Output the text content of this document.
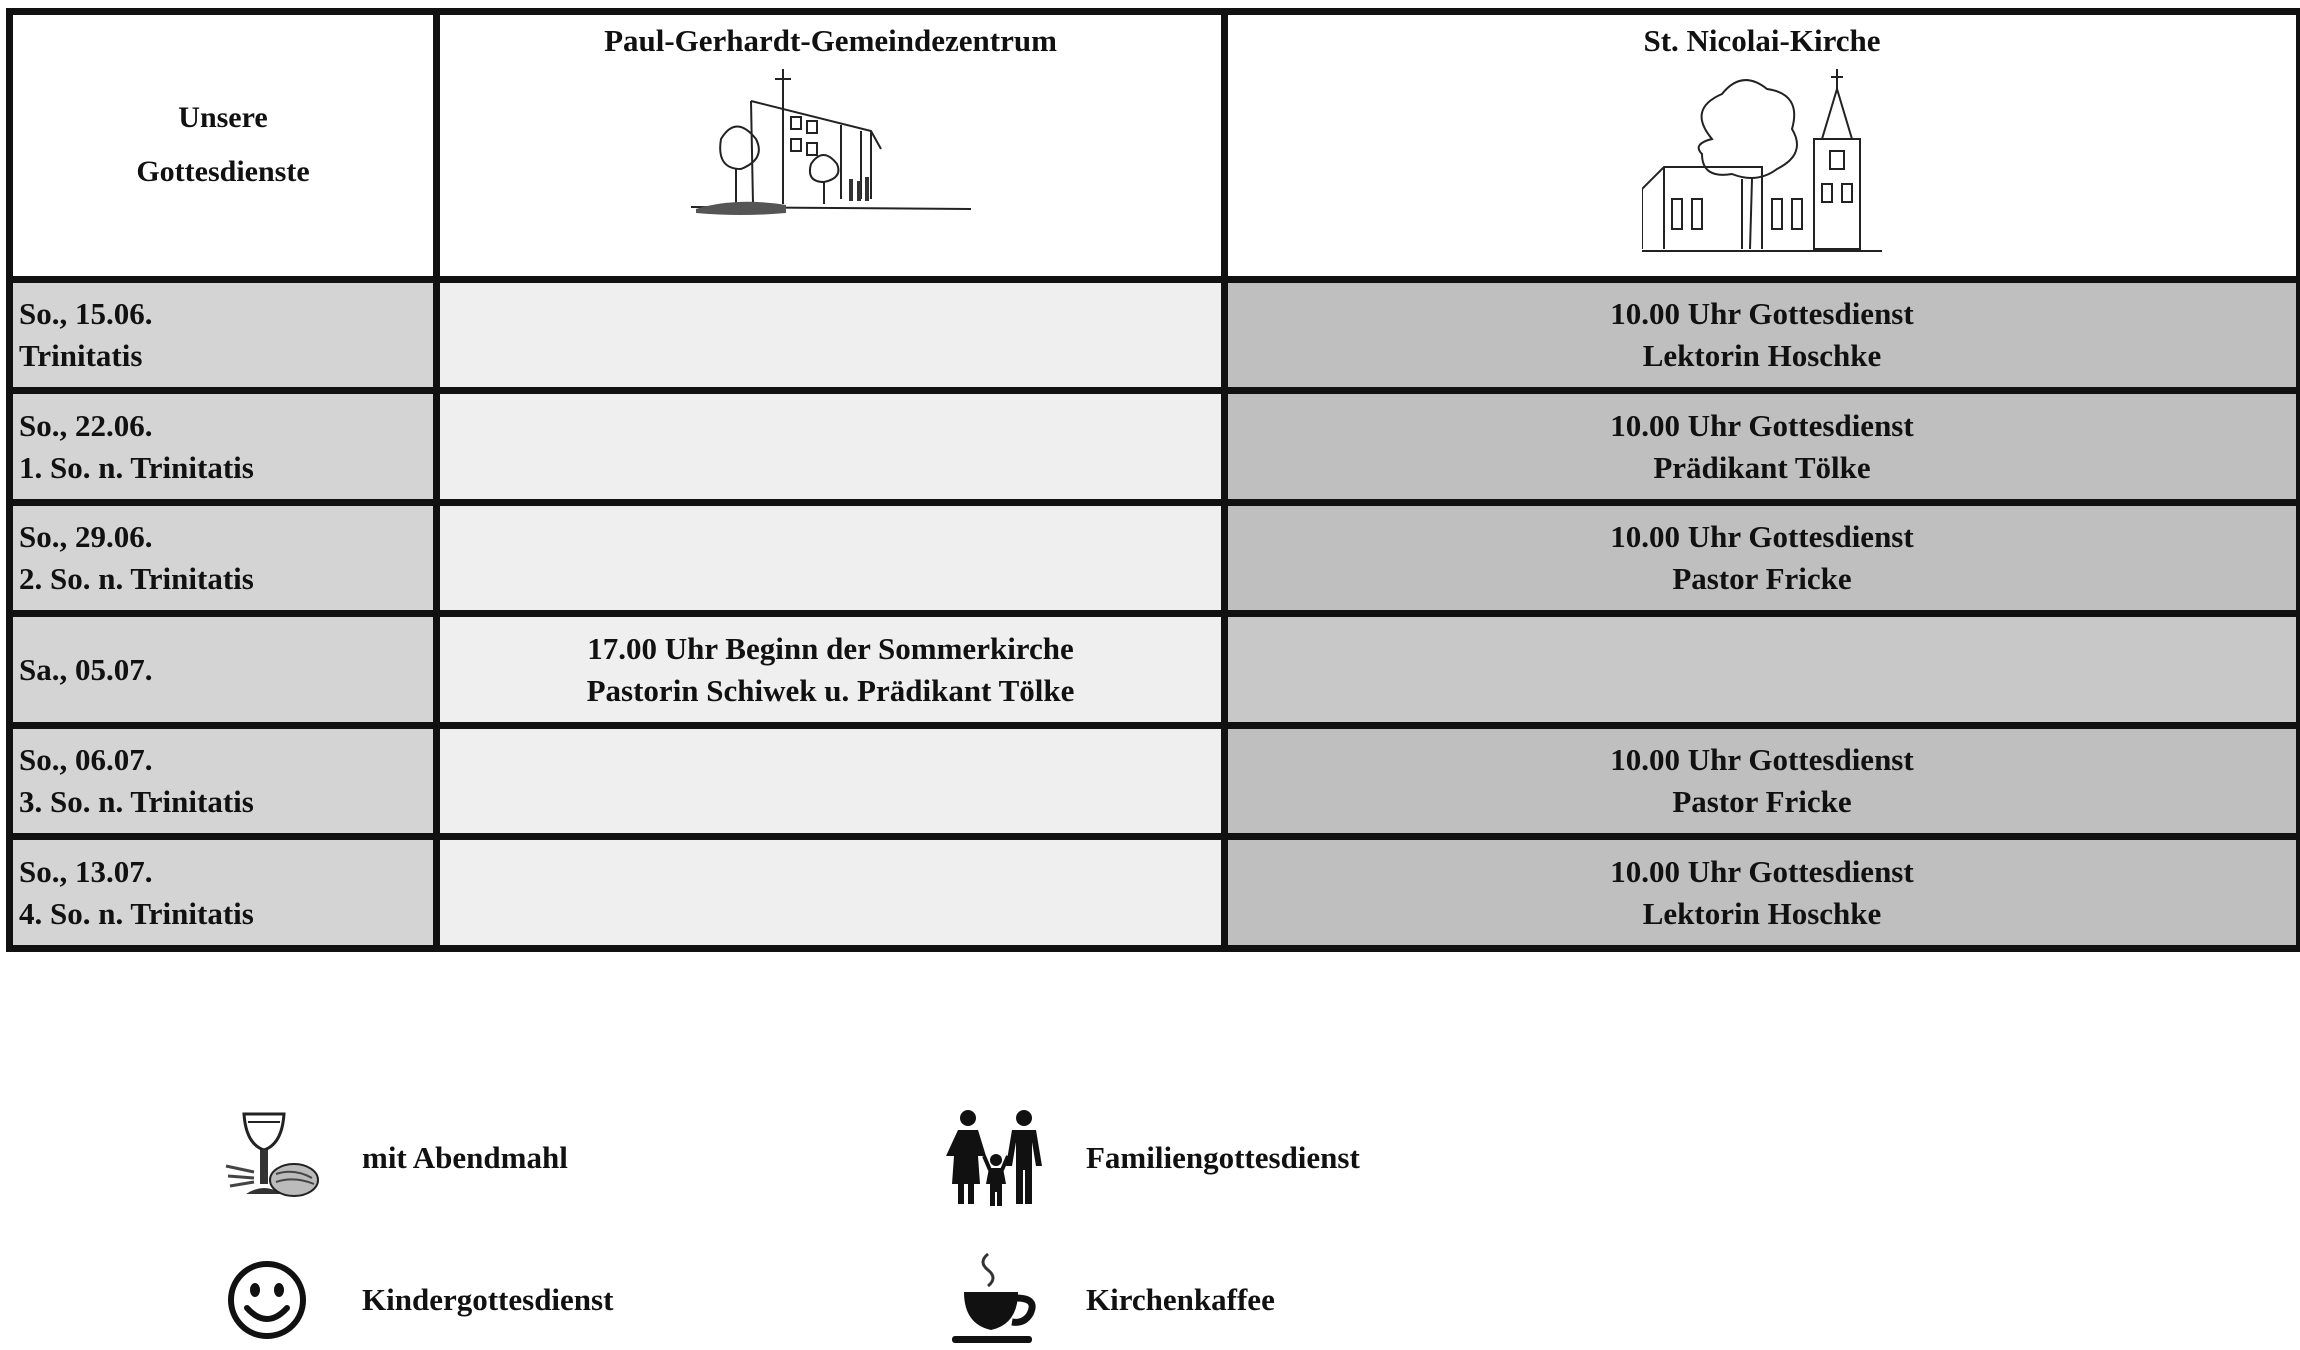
Unsere
Gottesdienste	Paul-Gerhardt-Gemeindezentrum	St. Nicolai-Kirche

So., 15.06.
Trinitatis		10.00 Uhr Gottesdienst
Lektorin Hoschke

So., 22.06.
1. So. n. Trinitatis		10.00 Uhr Gottesdienst
Prädikant Tölke

So., 29.06.
2. So. n. Trinitatis		10.00 Uhr Gottesdienst
Pastor Fricke

Sa., 05.07.	17.00 Uhr Beginn der Sommerkirche
Pastorin Schiwek u. Prädikant Tölke	

So., 06.07.
3. So. n. Trinitatis		10.00 Uhr Gottesdienst
Pastor Fricke

So., 13.07.
4. So. n. Trinitatis		10.00 Uhr Gottesdienst
Lektorin Hoschke
mit Abendmahl	Familiengottesdienst
Kindergottesdienst	Kirchenkaffee
